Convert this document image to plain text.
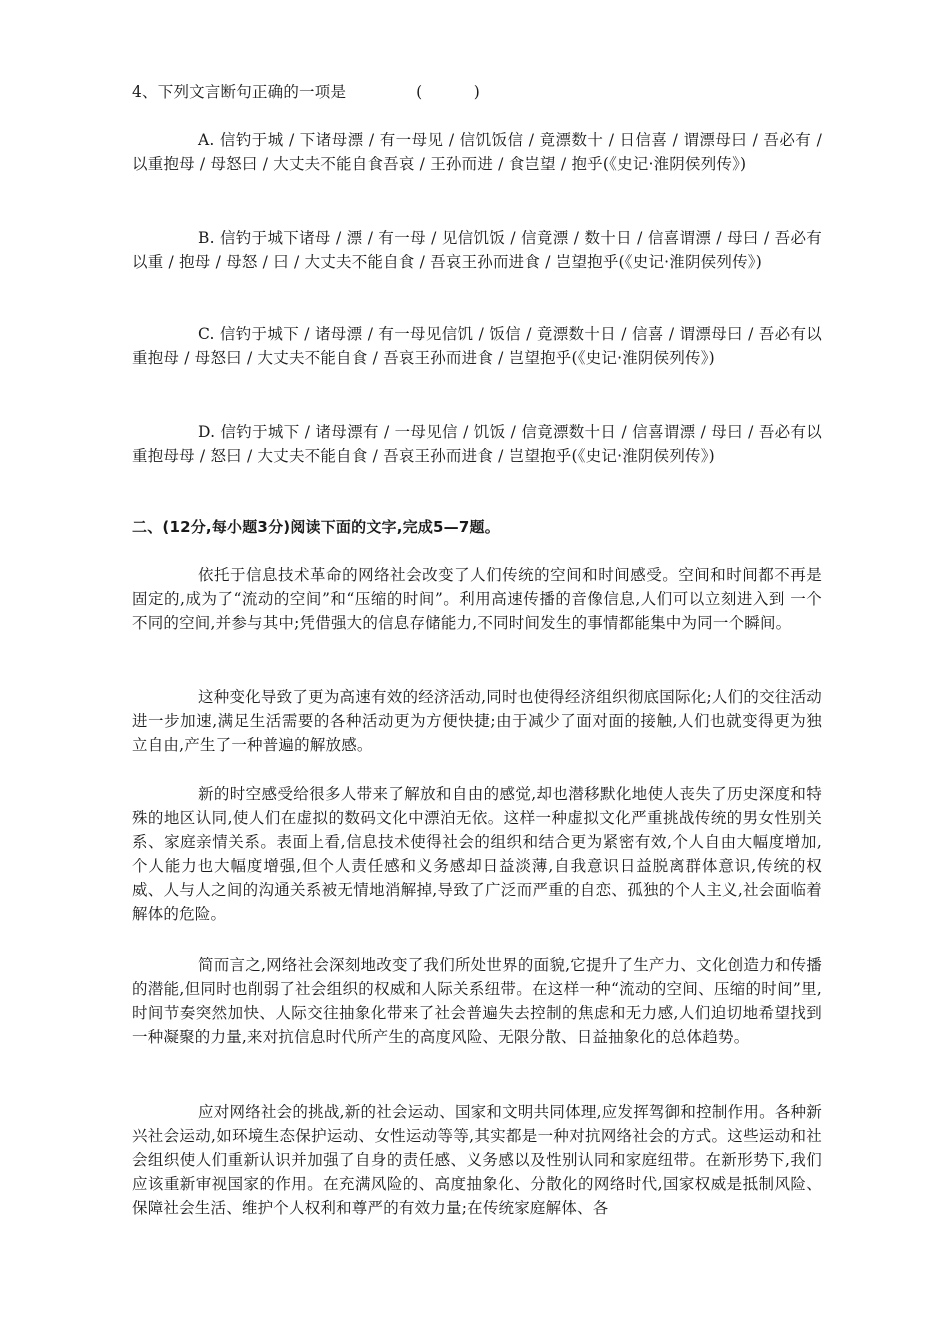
4、下列文言断句正确的一项是	(          )
A. 信钓于城 / 下诸母漂 / 有一母见 / 信饥饭信 / 竟漂数十 / 日信喜 / 谓漂母曰 / 吾必有 / 以重抱母 / 母怒曰 / 大丈夫不能自食吾哀 / 王孙而进 / 食岂望 / 抱乎(《史记·淮阴侯列传》)
B. 信钓于城下诸母 / 漂 / 有一母 / 见信饥饭 / 信竟漂 / 数十日 / 信喜谓漂 / 母曰 / 吾必有以重 / 抱母 / 母怒 / 曰 / 大丈夫不能自食 / 吾哀王孙而进食 / 岂望抱乎(《史记·淮阴侯列传》)
C. 信钓于城下 / 诸母漂 / 有一母见信饥 / 饭信 / 竟漂数十日 / 信喜 / 谓漂母曰 / 吾必有以重抱母 / 母怒曰 / 大丈夫不能自食 / 吾哀王孙而进食 / 岂望抱乎(《史记·淮阴侯列传》)
D. 信钓于城下 / 诸母漂有 / 一母见信 / 饥饭 / 信竟漂数十日 / 信喜谓漂 / 母曰 / 吾必有以重抱母母 / 怒曰 / 大丈夫不能自食 / 吾哀王孙而进食 / 岂望抱乎(《史记·淮阴侯列传》)
二、(12分,每小题3分)阅读下面的文字,完成5—7题。
依托于信息技术革命的网络社会改变了人们传统的空间和时间感受。空间和时间都不再是固定的,成为了“流动的空间”和“压缩的时间”。利用高速传播的音像信息,人们可以立刻进入到 一个不同的空间,并参与其中;凭借强大的信息存储能力,不同时间发生的事情都能集中为同一个瞬间。
这种变化导致了更为高速有效的经济活动,同时也使得经济组织彻底国际化;人们的交往活动进一步加速,满足生活需要的各种活动更为方便快捷;由于减少了面对面的接触,人们也就变得更为独立自由,产生了一种普遍的解放感。
新的时空感受给很多人带来了解放和自由的感觉,却也潜移默化地使人丧失了历史深度和特殊的地区认同,使人们在虚拟的数码文化中漂泊无依。这样一种虚拟文化严重挑战传统的男女性别关系、家庭亲情关系。表面上看,信息技术使得社会的组织和结合更为紧密有效,个人自由大幅度增加,个人能力也大幅度增强,但个人责任感和义务感却日益淡薄,自我意识日益脱离群体意识,传统的权威、人与人之间的沟通关系被无情地消解掉,导致了广泛而严重的自恋、孤独的个人主义,社会面临着解体的危险。
简而言之,网络社会深刻地改变了我们所处世界的面貌,它提升了生产力、文化创造力和传播的潜能,但同时也削弱了社会组织的权威和人际关系纽带。在这样一种“流动的空间、压缩的时间”里,时间节奏突然加快、人际交往抽象化带来了社会普遍失去控制的焦虑和无力感,人们迫切地希望找到一种凝聚的力量,来对抗信息时代所产生的高度风险、无限分散、日益抽象化的总体趋势。
应对网络社会的挑战,新的社会运动、国家和文明共同体理,应发挥驾御和控制作用。各种新兴社会运动,如环境生态保护运动、女性运动等等,其实都是一种对抗网络社会的方式。这些运动和社会组织使人们重新认识并加强了自身的责任感、义务感以及性别认同和家庭纽带。在新形势下,我们应该重新审视国家的作用。在充满风险的、高度抽象化、分散化的网络时代,国家权威是抵制风险、保障社会生活、维护个人权利和尊严的有效力量;在传统家庭解体、各
